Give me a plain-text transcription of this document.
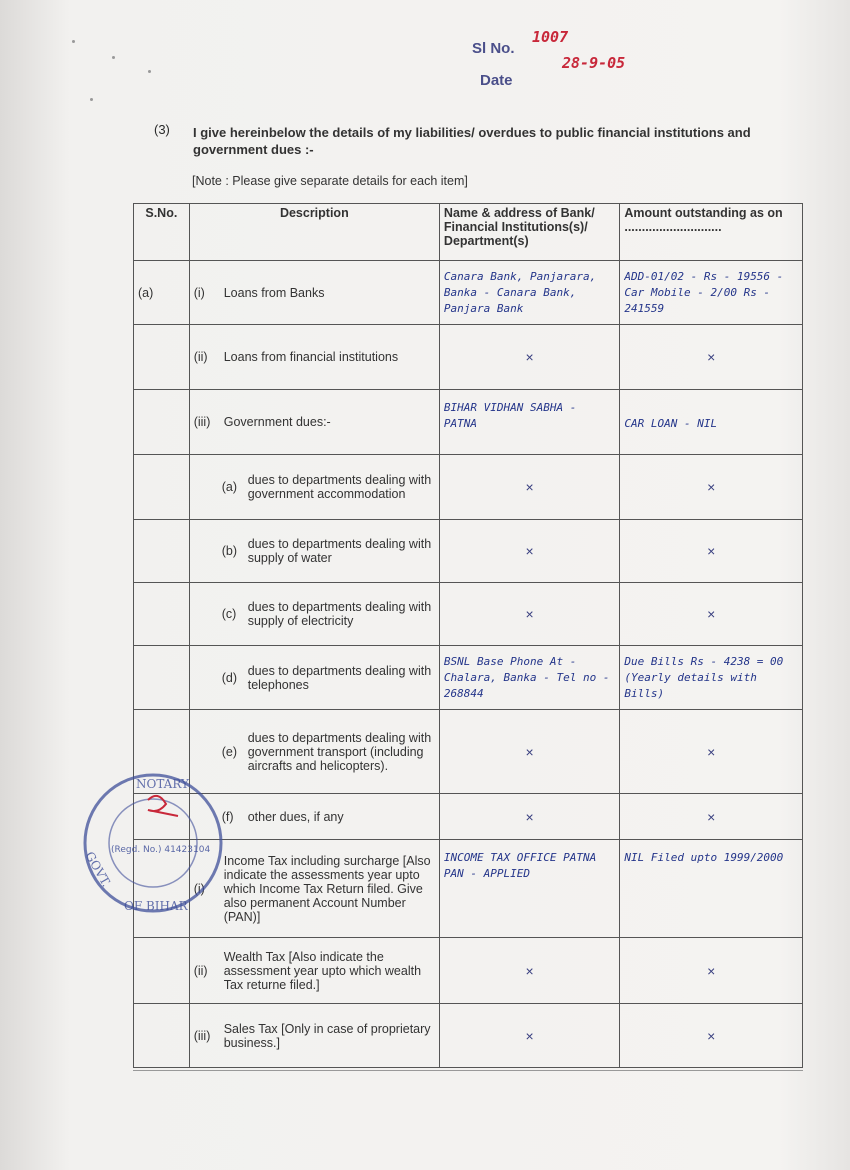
Sl No.
1007
Date
28-9-05
(3) I give hereinbelow the details of my liabilities/ overdues to public financial institutions and government dues :-
[Note : Please give separate details for each item]
S.No.	Description	Name & address of Bank/ Financial Institutions(s)/ Department(s)	Amount outstanding as on ............................
(a)	(i) Loans from Banks	Canara Bank, Panjarara, Banka - Canara Bank, Panjara Bank	ADD-01/02 - Rs - 19556 - Car Mobile - 2/00 Rs - 241559

	(ii) Loans from financial institutions	×	×

	(iii) Government dues:-	BIHAR VIDHAN SABHA - PATNA	CAR LOAN - NIL

	(a) dues to departments dealing with government accommodation	×	×

	(b) dues to departments dealing with supply of water	×	×

	(c) dues to departments dealing with supply of electricity	×	×

	(d) dues to departments dealing with telephones	BSNL Base Phone At - Chalara, Banka - Tel no - 268844	Due Bills Rs - 4238 = 00 (Yearly details with Bills)

	(e)
dues to departments dealing with government transport (including aircrafts and helicopters).	×	×

	(f) other dues, if any	×	×

	(i)
Income Tax including surcharge [Also indicate the assessments year upto which Income Tax Return filed. Give also permanent Account Number (PAN)]	INCOME TAX OFFICE PATNA PAN - APPLIED	NIL Filed upto 1999/2000

	(ii)
Wealth Tax [Also indicate the assessment year upto which wealth Tax returne filed.]	×	×

	(iii) Sales Tax [Only in case of proprietary business.]	×	×
NOTARY
(Regd. No.) 41423104
GOVT.
OF BIHAR
